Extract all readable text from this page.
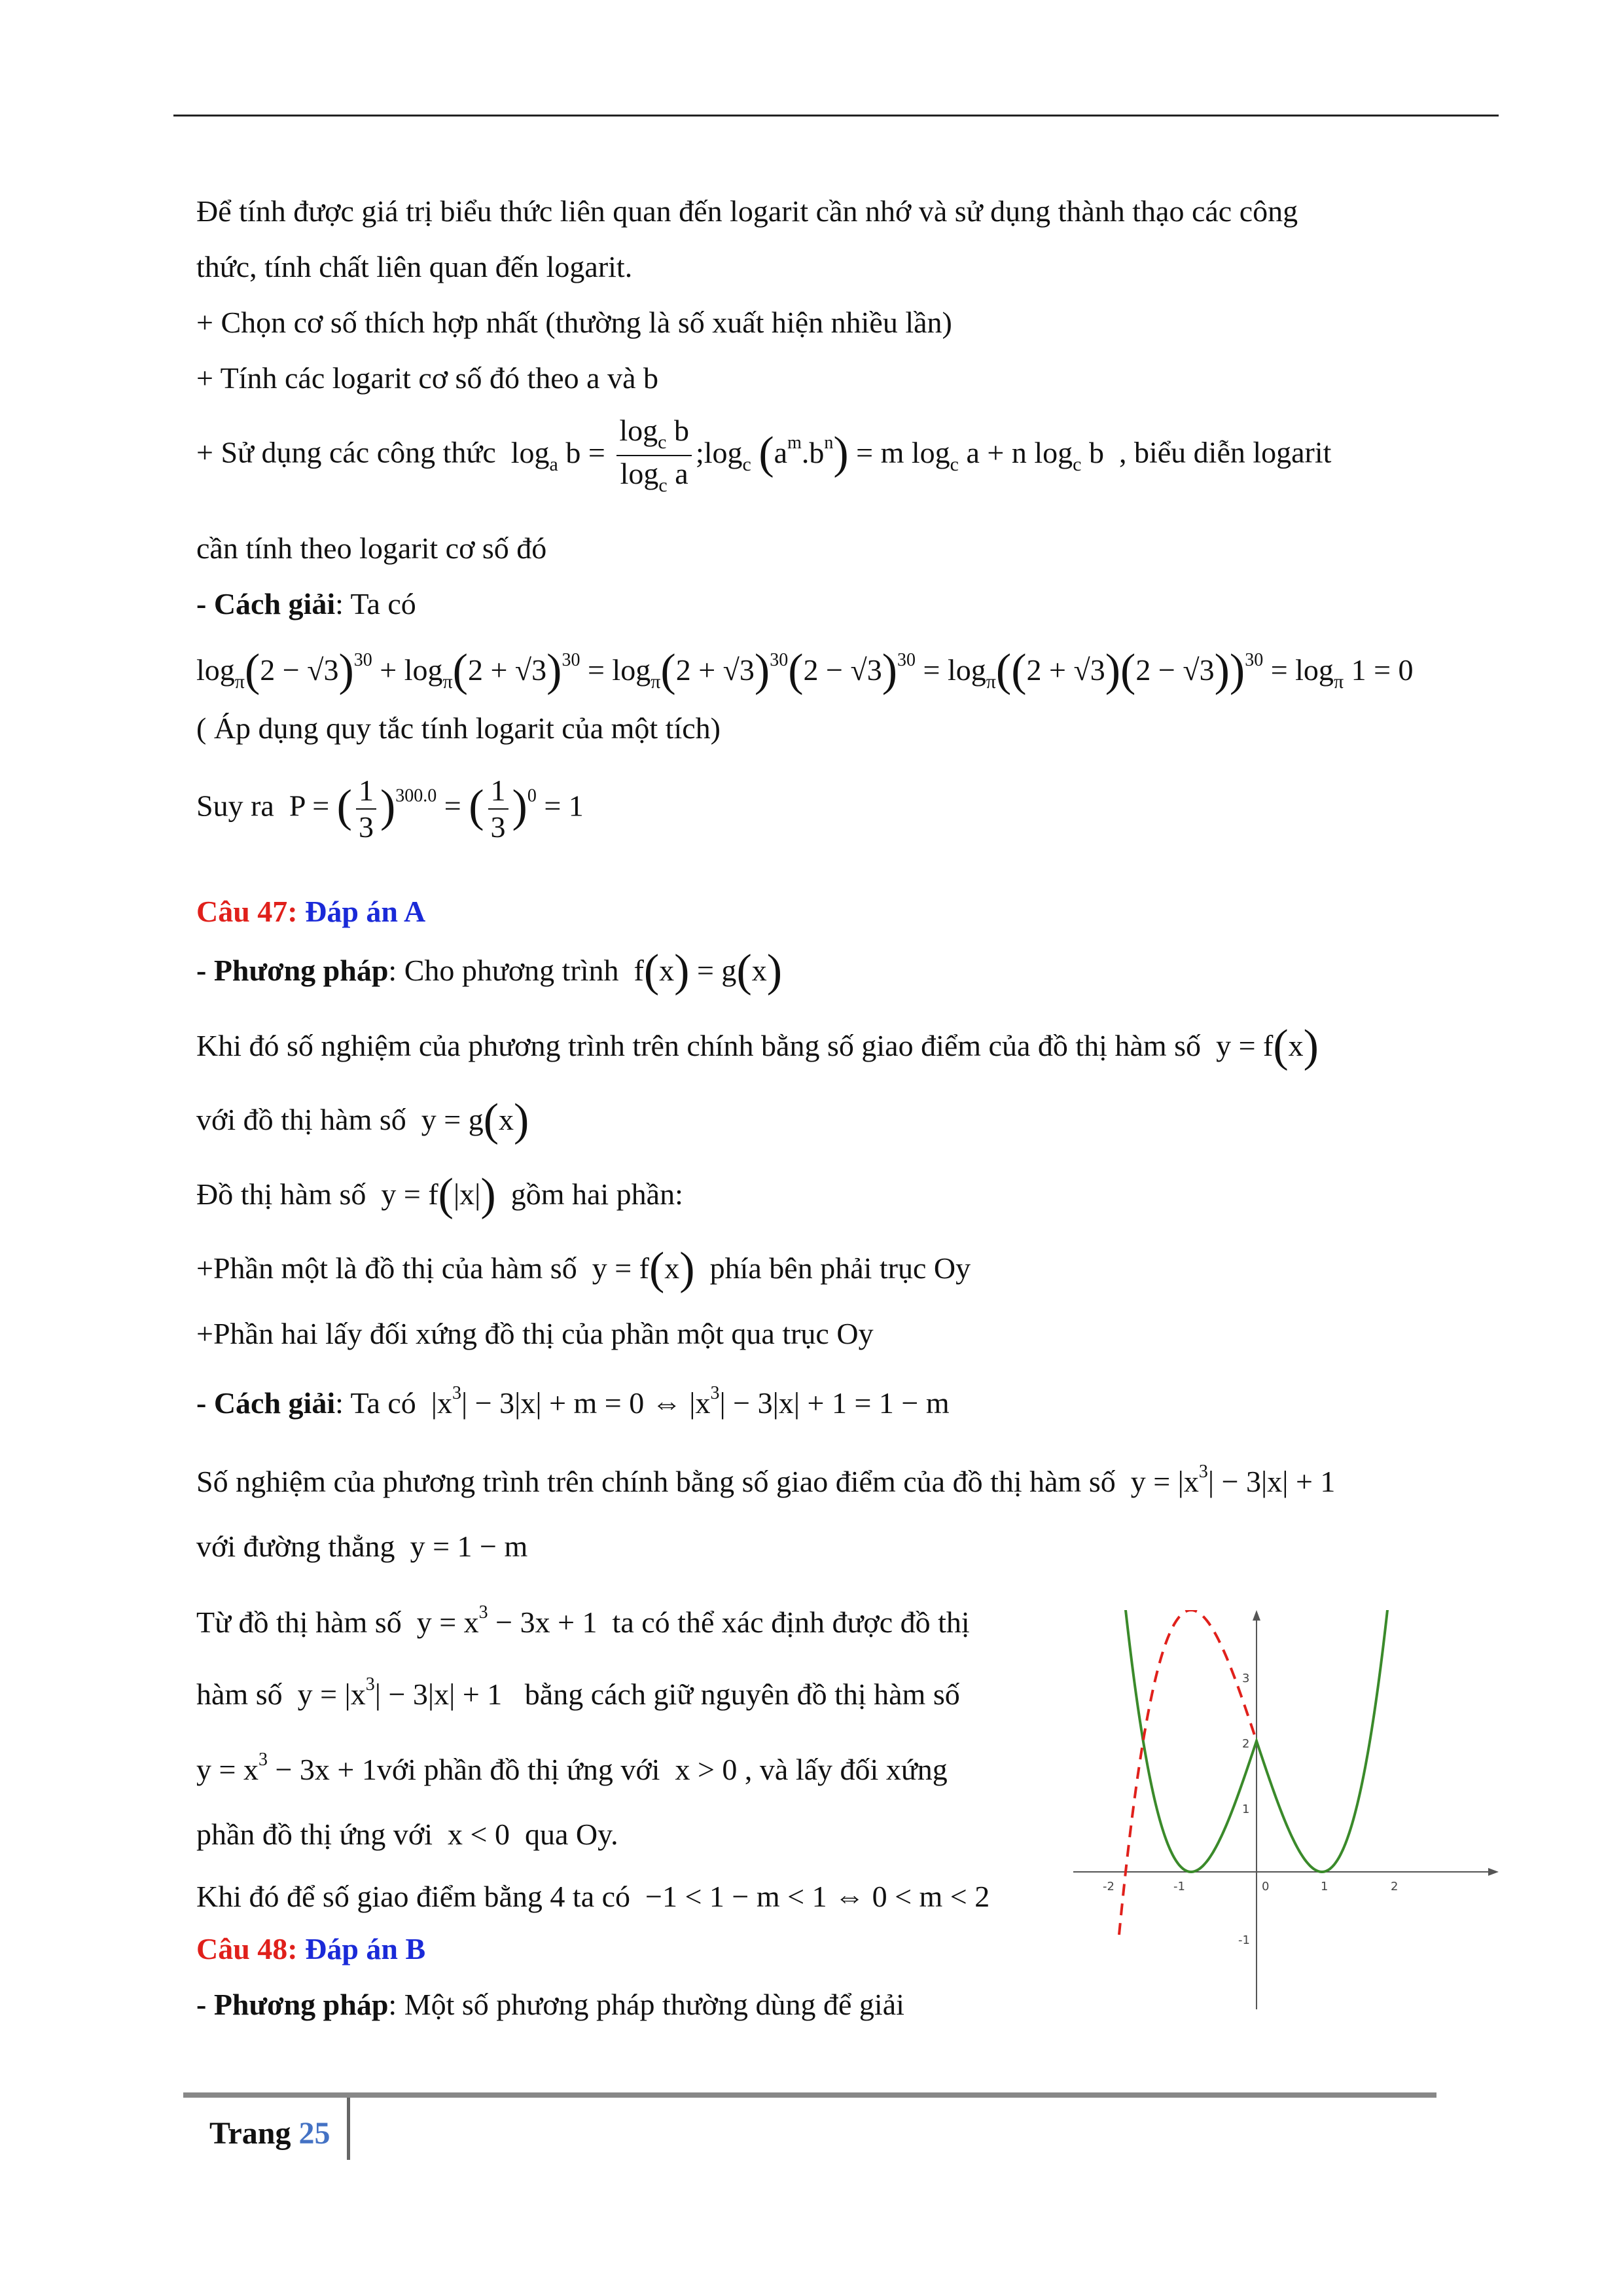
Để tính được giá trị biểu thức liên quan đến logarit cần nhớ và sử dụng thành thạo các công
thức, tính chất liên quan đến logarit.
+ Chọn cơ số thích hợp nhất (thường là số xuất hiện nhiều lần)
+ Tính các logarit cơ số đó theo a và b
+ Sử dụng các công thức  $\log_a b = \frac{\log_c b}{\log_c a}$ $;\log_c$ $(a^m.b^n) = m$ $\log_c a + n$ $\log_c b$  , biểu diễn logarit
cần tính theo logarit cơ số đó
- Cách giải: Ta có
$\log_\pi(2 - √3)^{30} + \log_\pi(2 + √3)^{30} = \log_\pi(2 + √3)^{30}(2 - √3)^{30} = \log_\pi((2 + √3)(2 - √3))^{30} = \log_\pi 1 = 0$
( Áp dụng quy tắc tính logarit của một tích)
Suy ra  P = ( $\frac{1}{3} )^{300.0}$ = ( $\frac{1}{3} )^0 = 1$
Câu 47: Đáp án A
- Phương pháp: Cho phương trình  f(x) = g(x)
Khi đó số nghiệm của phương trình trên chính bằng số giao điểm của đồ thị hàm số  y = f(x)
với đồ thị hàm số  y = g(x)
Đồ thị hàm số  y = f(|x|) gồm hai phần:
+Phần một là đồ thị của hàm số  y = f(x) phía bên phải trục Oy
+Phần hai lấy đối xứng đồ thị của phần một qua trục Oy
- Cách giải: Ta có  $|x^3| - 3|x| + m = 0$ ⇔ $|x^3| - 3|x| + 1 = 1 - m$
Số nghiệm của phương trình trên chính bằng số giao điểm của đồ thị hàm số  $y = |x^3| - 3|x| + 1$
với đường thẳng  y = 1 − m
Từ đồ thị hàm số  $y = x^3 - 3x + 1$  ta có thể xác định được đồ thị
hàm số  $y = |x^3| - 3|x| + 1$   bằng cách giữ nguyên đồ thị hàm số
$y = x^3 - 3x$ + 1với phần đồ thị ứng với  x > 0 , và lấy đối xứng
phần đồ thị ứng với  x < 0  qua Oy.
Khi đó để số giao điểm bằng 4 ta có  −1 < 1 − m < 1 ⇔ 0 < m < 2
Câu 48: Đáp án B
- Phương pháp: Một số phương pháp thường dùng để giải
-2	-1	0	1	2
3
2
1
-1
Trang 25
